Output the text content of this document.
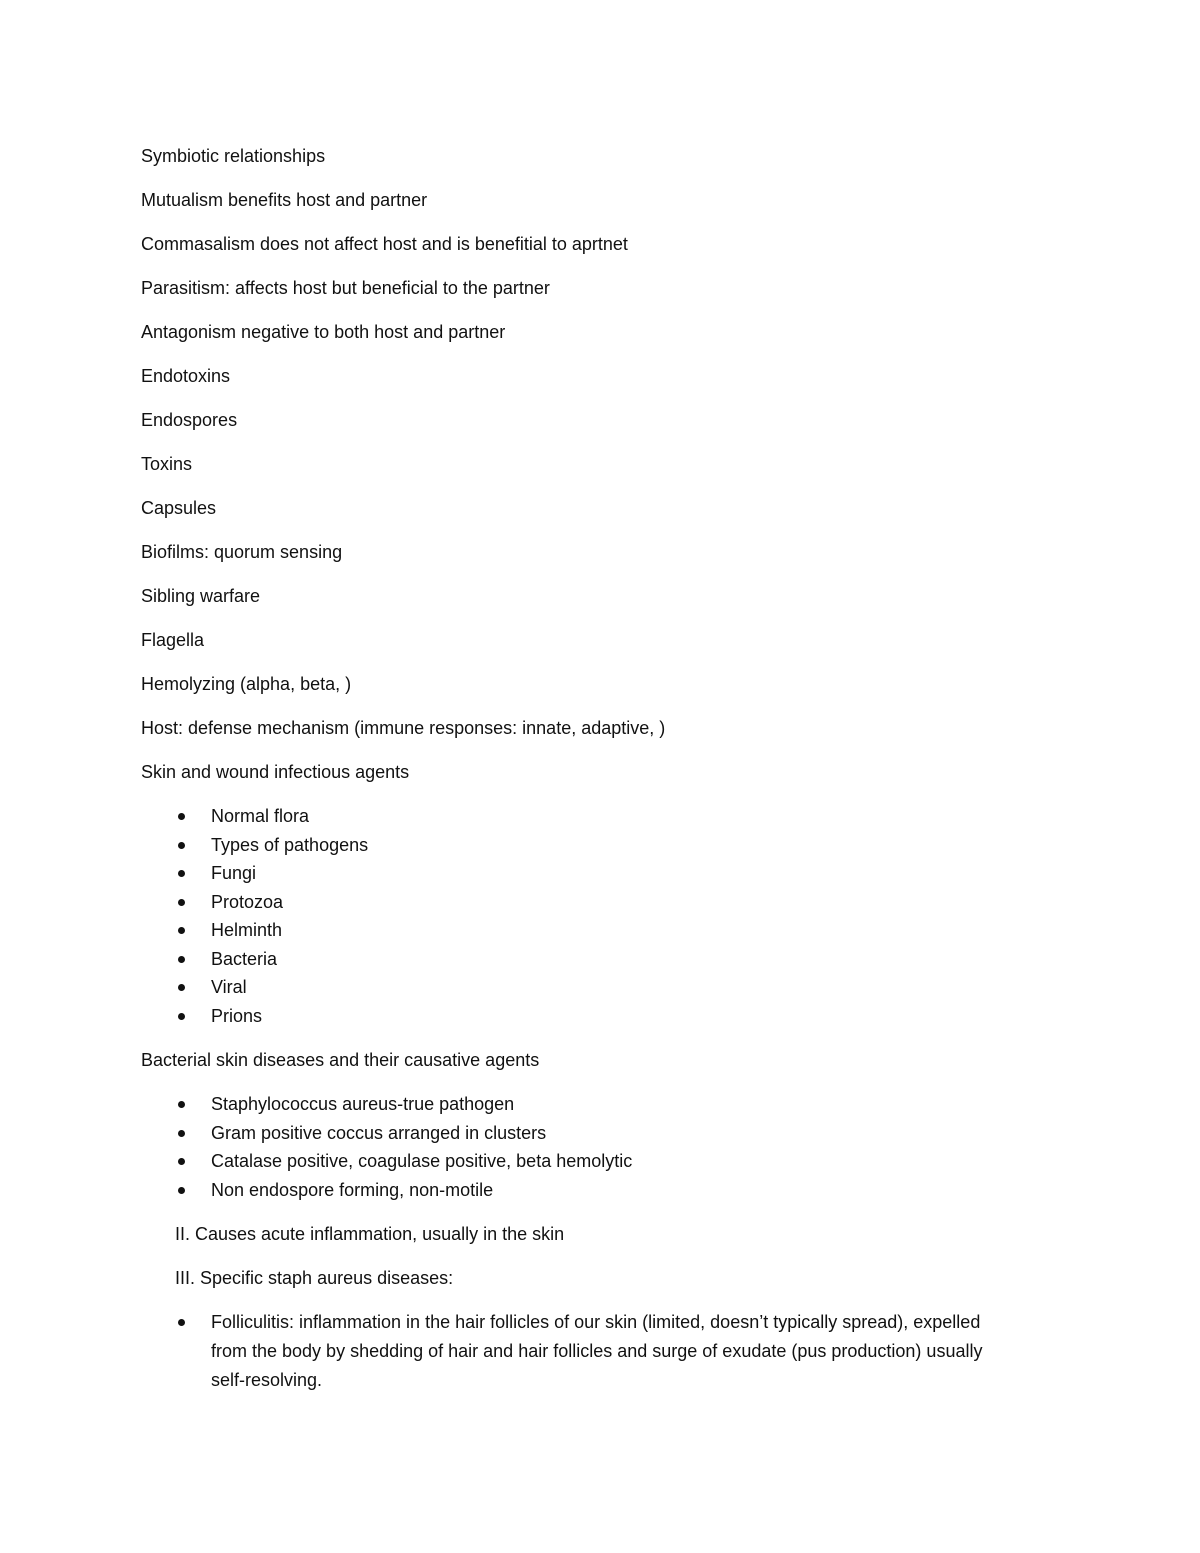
Symbiotic relationships

Mutualism benefits host and partner

Commasalism does not affect host and is benefitial to aprtnet

Parasitism: affects host but beneficial to the partner

Antagonism negative to both host and partner

Endotoxins

Endospores

Toxins

Capsules

Biofilms: quorum sensing

Sibling warfare

Flagella

Hemolyzing (alpha, beta, )

Host: defense mechanism (immune responses: innate, adaptive, )

Skin and wound infectious agents

Normal flora
Types of pathogens
Fungi
Protozoa
Helminth
Bacteria
Viral
Prions

Bacterial skin diseases and their causative agents

Staphylococcus aureus-true pathogen
Gram positive coccus arranged in clusters
Catalase positive, coagulase positive, beta hemolytic
Non endospore forming, non-motile

II. Causes acute inflammation, usually in the skin

III. Specific staph aureus diseases:

Folliculitis: inflammation in the hair follicles of our skin (limited, doesn’t typically spread), expelled from the body by shedding of hair and hair follicles and surge of exudate (pus production) usually self-resolving.
